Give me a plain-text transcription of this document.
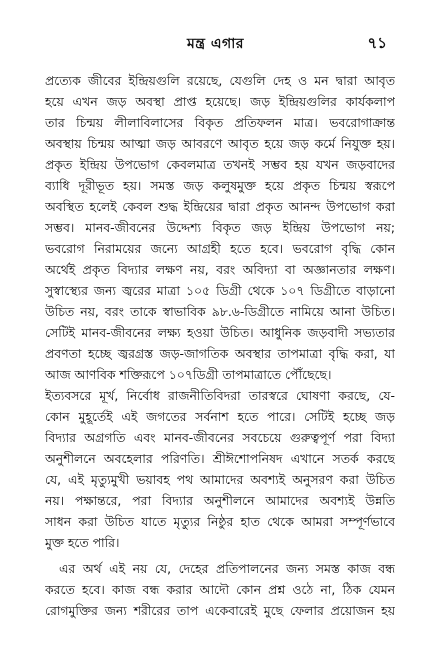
মন্ত্র এগার	৭১
প্রত্যেক জীবের ইন্দ্রিয়গুলি রয়েছে, যেগুলি দেহ ও মন দ্বারা আবৃত
হয়ে এখন জড় অবস্থা প্রাপ্ত হয়েছে। জড় ইন্দ্রিয়গুলির কার্যকলাপ
তার চিন্ময় লীলাবিলাসের বিকৃত প্রতিফলন মাত্র। ভবরোগাক্রান্ত
অবস্থায় চিন্ময় আত্মা জড় আবরণে আবৃত হয়ে জড় কর্মে নিযুক্ত হয়।
প্রকৃত ইন্দ্রিয় উপভোগ কেবলমাত্র তখনই সম্ভব হয় যখন জড়বাদের
ব্যাধি দূরীভূত হয়। সমস্ত জড় কলুষমুক্ত হয়ে প্রকৃত চিন্ময় স্বরূপে
অবস্থিত হলেই কেবল শুদ্ধ ইন্দ্রিয়ের দ্বারা প্রকৃত আনন্দ উপভোগ করা
সম্ভব। মানব-জীবনের উদ্দেশ্য বিকৃত জড় ইন্দ্রিয় উপভোগ নয়;
ভবরোগ নিরাময়ের জন্যে আগ্রহী হতে হবে। ভবরোগ বৃদ্ধি কোন
অর্থেই প্রকৃত বিদ্যার লক্ষণ নয়, বরং অবিদ্যা বা অজ্ঞানতার লক্ষণ।
সুস্বাস্থ্যের জন্য জ্বরের মাত্রা ১০৫ ডিগ্রী থেকে ১০৭ ডিগ্রীতে বাড়ানো
উচিত নয়, বরং তাকে স্বাভাবিক ৯৮.৬-ডিগ্রীতে নামিয়ে আনা উচিত।
সেটিই মানব-জীবনের লক্ষ্য হওয়া উচিত। আধুনিক জড়বাদী সভ্যতার
প্রবণতা হচ্ছে জ্বরগ্রস্ত জড়-জাগতিক অবস্থার তাপমাত্রা বৃদ্ধি করা, যা
আজ আণবিক শক্তিরূপে ১০৭ডিগ্রী তাপমাত্রাতে পৌঁছেছে।
ইত্যবসরে মূর্খ, নির্বোধ রাজনীতিবিদরা তারস্বরে ঘোষণা করছে, যে-
কোন মুহূর্তেই এই জগতের সর্বনাশ হতে পারে। সেটিই হচ্ছে জড়
বিদ্যার অগ্রগতি এবং মানব-জীবনের সবচেয়ে গুরুত্বপূর্ণ পরা বিদ্যা
অনুশীলনে অবহেলার পরিণতি। শ্রীঈশোপনিষদ এখানে সতর্ক করছে
যে, এই মৃত্যুমুখী ভয়াবহ পথ আমাদের অবশ্যই অনুসরণ করা উচিত
নয়। পক্ষান্তরে, পরা বিদ্যার অনুশীলনে আমাদের অবশ্যই উন্নতি
সাধন করা উচিত যাতে মৃত্যুর নিষ্ঠুর হাত থেকে আমরা সম্পূর্ণভাবে
মুক্ত হতে পারি।
এর অর্থ এই নয় যে, দেহের প্রতিপালনের জন্য সমস্ত কাজ বন্ধ
করতে হবে। কাজ বন্ধ করার আদৌ কোন প্রশ্ন ওঠে না, ঠিক যেমন
রোগমুক্তির জন্য শরীরের তাপ একেবারেই মুছে ফেলার প্রয়োজন হয়
